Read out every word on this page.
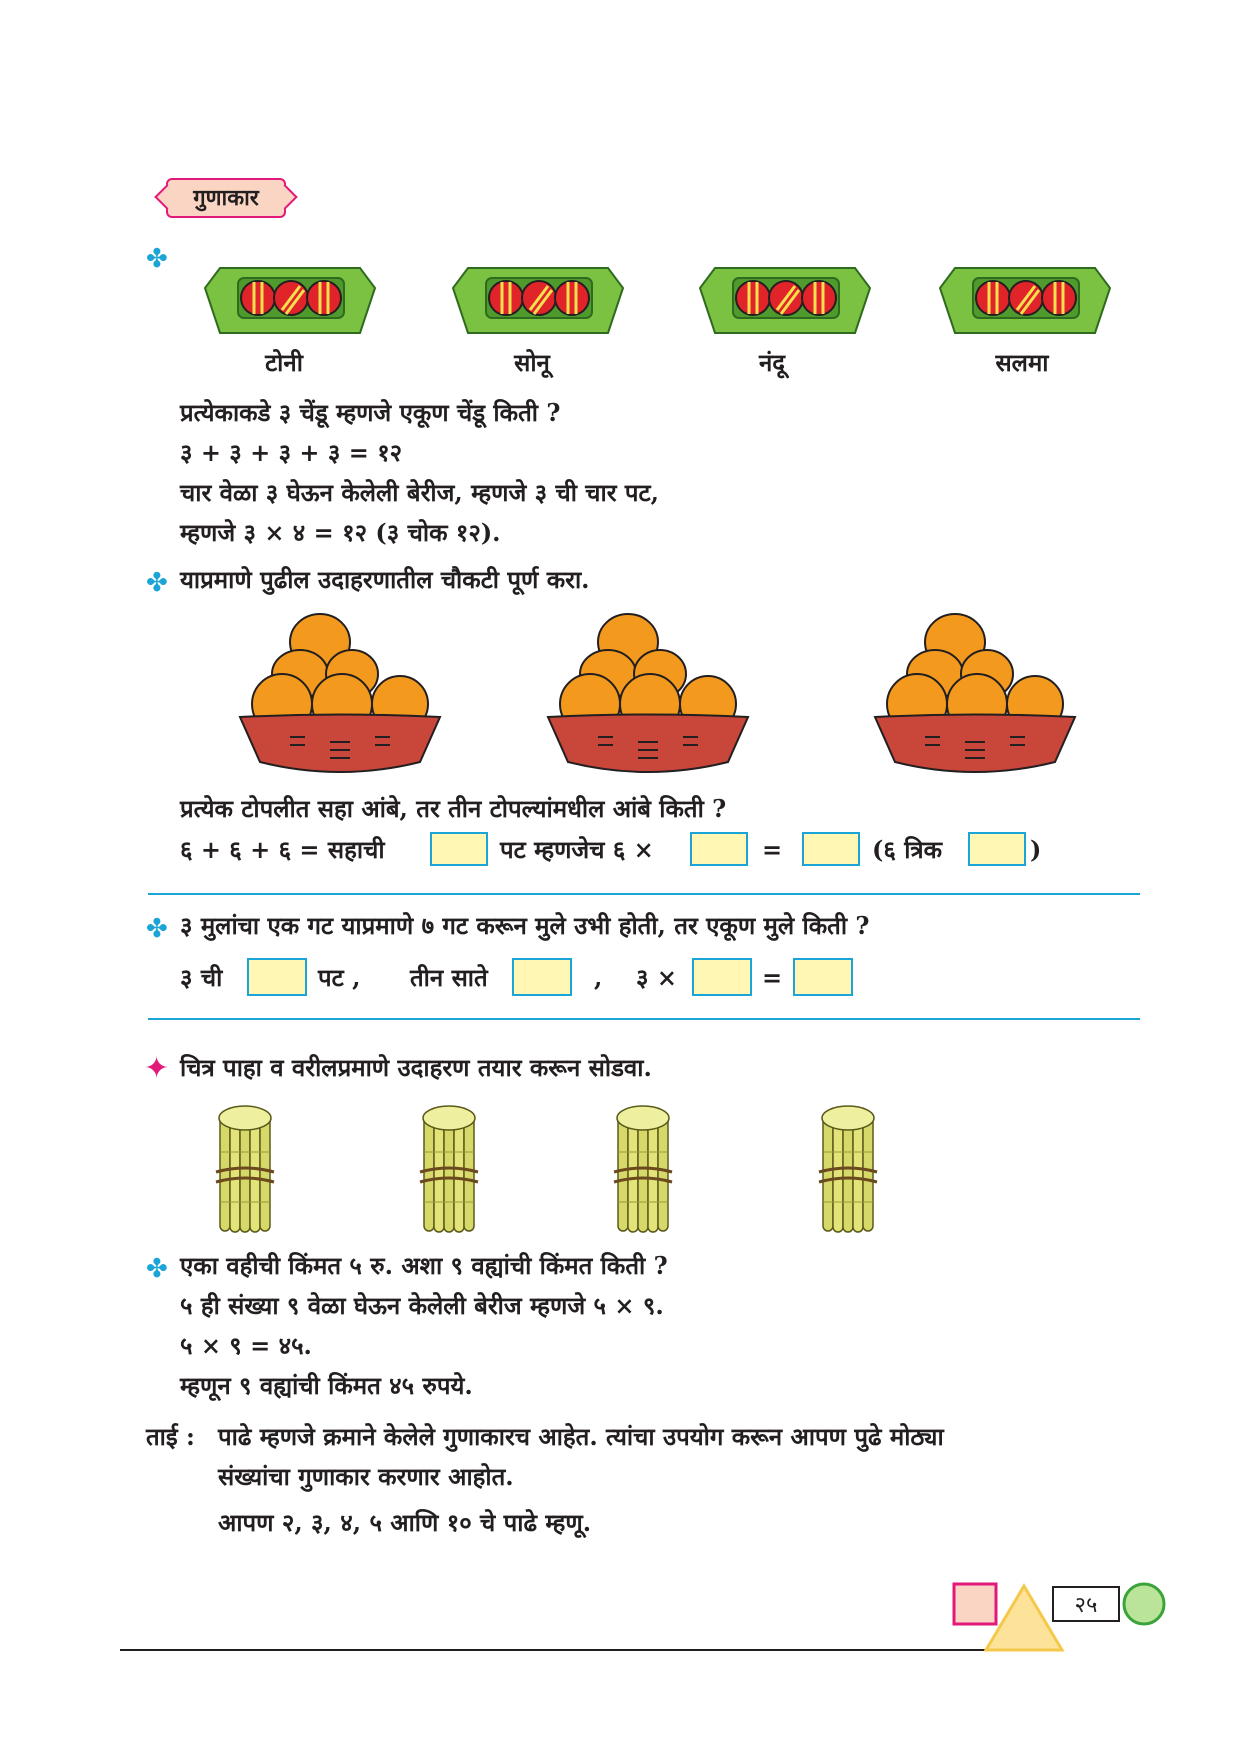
गुणाकार
✤
टोनी	सोनू	नंदू	सलमा
प्रत्येकाकडे ३ चेंडू म्हणजे एकूण चेंडू किती ?
३ + ३ + ३ + ३ = १२
चार वेळा ३ घेऊन केलेली बेरीज, म्हणजे ३ ची चार पट,
म्हणजे ३ × ४ = १२ (३ चोक १२).
✤ याप्रमाणे पुढील उदाहरणातील चौकटी पूर्ण करा.
प्रत्येक टोपलीत सहा आंबे, तर तीन टोपल्यांमधील आंबे किती ?
६ + ६ + ६ = सहाची	पट म्हणजेच ६ ×	=	(६ त्रिक	)
✤ ३ मुलांचा एक गट याप्रमाणे ७ गट करून मुले उभी होती, तर एकूण मुले किती ?
३ ची	पट , तीन साते	, ३ ×	=
✦ चित्र पाहा व वरीलप्रमाणे उदाहरण तयार करून सोडवा.
✤ एका वहीची किंमत ५ रु. अशा ९ वह्यांची किंमत किती ?
५ ही संख्या ९ वेळा घेऊन केलेली बेरीज म्हणजे ५ × ९.
५ × ९ = ४५.
म्हणून ९ वह्यांची किंमत ४५ रुपये.
ताई : पाढे म्हणजे क्रमाने केलेले गुणाकारच आहेत. त्यांचा उपयोग करून आपण पुढे मोठ्या
संख्यांचा गुणाकार करणार आहोत.
आपण २, ३, ४, ५ आणि १० चे पाढे म्हणू.
२५
